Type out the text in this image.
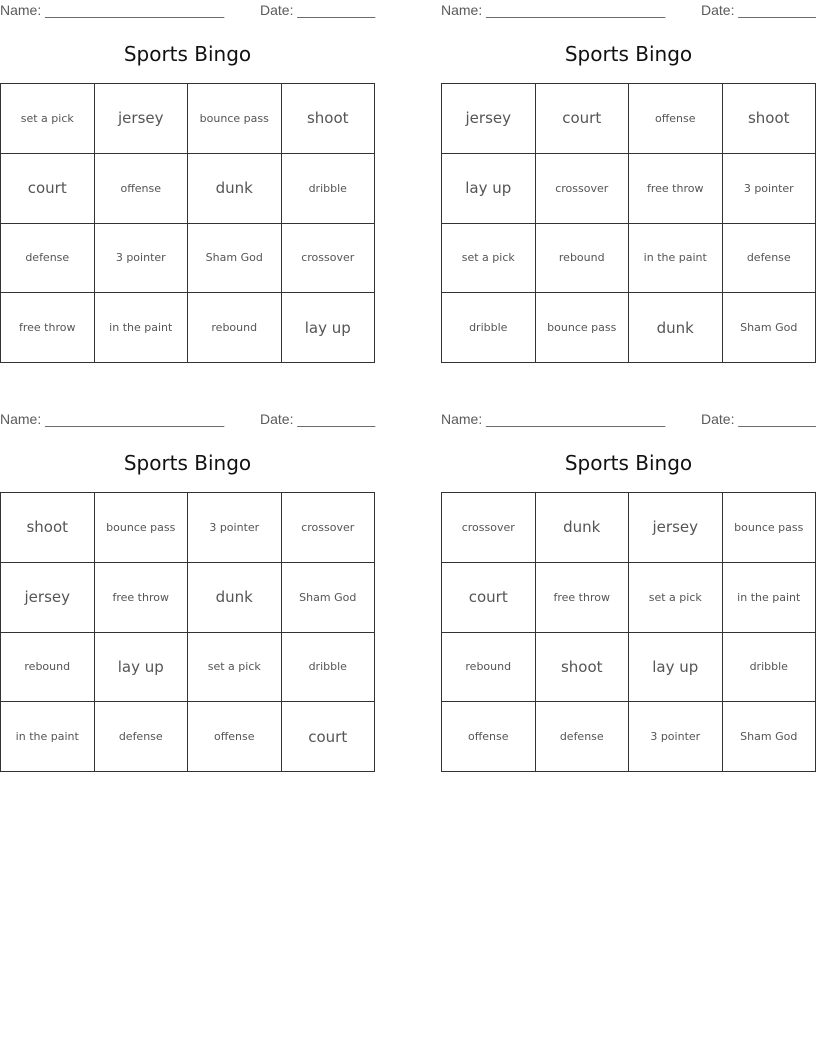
Name: _______________________	Date: __________
Sports Bingo
set a pick	jersey	bounce pass	shoot
court	offense	dunk	dribble
defense	3 pointer	Sham God	crossover
free throw	in the paint	rebound	lay up
Name: _______________________	Date: __________
Sports Bingo
jersey	court	offense	shoot
lay up	crossover	free throw	3 pointer
set a pick	rebound	in the paint	defense
dribble	bounce pass	dunk	Sham God
Name: _______________________	Date: __________
Sports Bingo
shoot	bounce pass	3 pointer	crossover
jersey	free throw	dunk	Sham God
rebound	lay up	set a pick	dribble
in the paint	defense	offense	court
Name: _______________________	Date: __________
Sports Bingo
crossover	dunk	jersey	bounce pass
court	free throw	set a pick	in the paint
rebound	shoot	lay up	dribble
offense	defense	3 pointer	Sham God
